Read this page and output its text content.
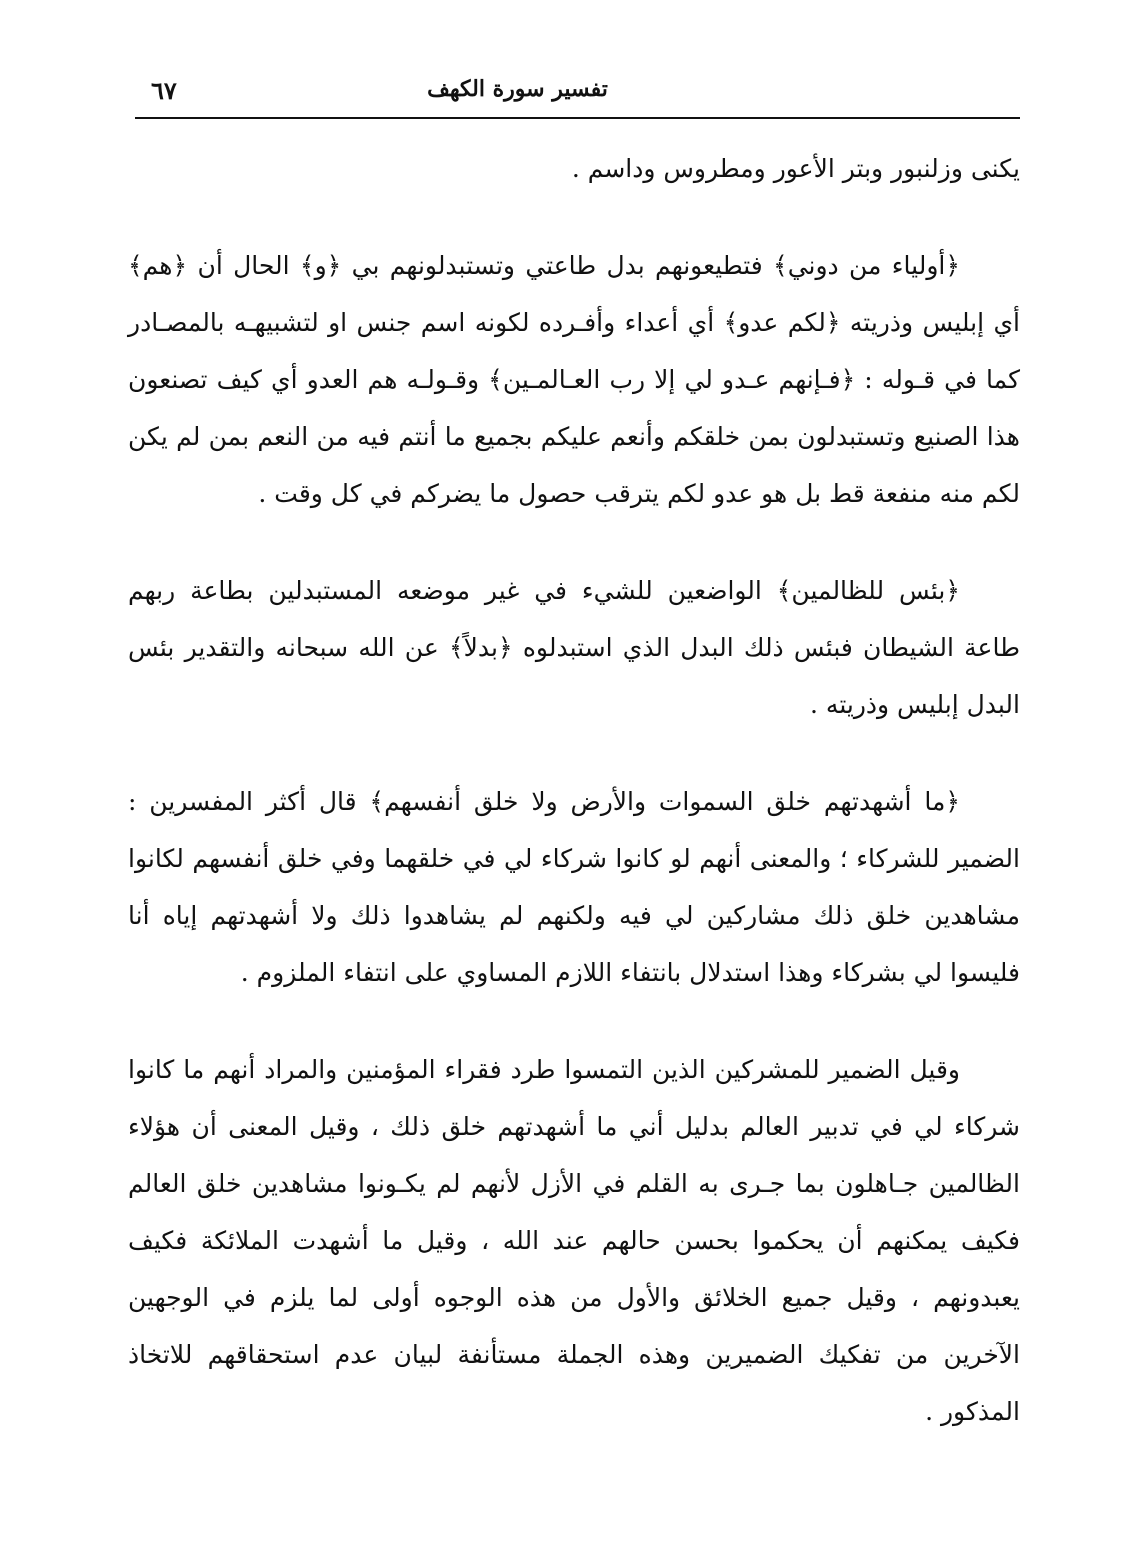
تفسير سورة الكهف
٦٧

يكنى وزلنبور وبتر الأعور ومطروس وداسم .

﴿أولياء من دوني﴾ فتطيعونهم بدل طاعتي وتستبدلونهم بي ﴿و﴾ الحال أن ﴿هم﴾ أي إبليس وذريته ﴿لكم عدو﴾ أي أعداء وأفـرده لكونه اسم جنس او لتشبيهـه بالمصـادر كما في قـوله : ﴿فـإنهم عـدو لي إلا رب العـالمـين﴾ وقـولـه هم العدو أي كيف تصنعون هذا الصنيع وتستبدلون بمن خلقكم وأنعم عليكم بجميع ما أنتم فيه من النعم بمن لم يكن لكم منه منفعة قط بل هو عدو لكم يترقب حصول ما يضركم في كل وقت .

﴿بئس للظالمين﴾ الواضعين للشيء في غير موضعه المستبدلين بطاعة ربهم طاعة الشيطان فبئس ذلك البدل الذي استبدلوه ﴿بدلاً﴾ عن الله سبحانه والتقدير بئس البدل إبليس وذريته .

﴿ما أشهدتهم خلق السموات والأرض ولا خلق أنفسهم﴾ قال أكثر المفسرين : الضمير للشركاء ؛ والمعنى أنهم لو كانوا شركاء لي في خلقهما وفي خلق أنفسهم لكانوا مشاهدين خلق ذلك مشاركين لي فيه ولكنهم لم يشاهدوا ذلك ولا أشهدتهم إياه أنا فليسوا لي بشركاء وهذا استدلال بانتفاء اللازم المساوي على انتفاء الملزوم .

وقيل الضمير للمشركين الذين التمسوا طرد فقراء المؤمنين والمراد أنهم ما كانوا شركاء لي في تدبير العالم بدليل أني ما أشهدتهم خلق ذلك ، وقيل المعنى أن هؤلاء الظالمين جـاهلون بما جـرى به القلم في الأزل لأنهم لم يكـونوا مشاهدين خلق العالم فكيف يمكنهم أن يحكموا بحسن حالهم عند الله ، وقيل ما أشهدت الملائكة فكيف يعبدونهم ، وقيل جميع الخلائق والأول من هذه الوجوه أولى لما يلزم في الوجهين الآخرين من تفكيك الضميرين وهذه الجملة مستأنفة لبيان عدم استحقاقهم للاتخاذ المذكور .
